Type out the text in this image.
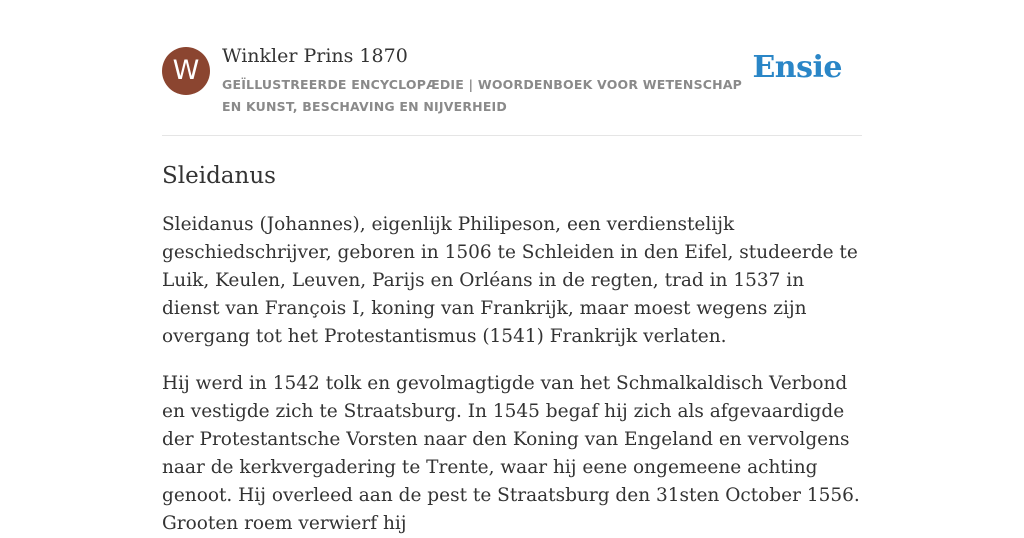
W	Winkler Prins 1870
GEÏLLUSTREERDE ENCYCLOPÆDIE | WOORDENBOEK VOOR WETENSCHAP EN KUNST, BESCHAVING EN NIJVERHEID
Ensie
Sleidanus

Sleidanus (Johannes), eigenlijk Philipeson, een verdienstelijk geschiedschrijver, geboren in 1506 te Schleiden in den Eifel, studeerde te Luik, Keulen, Leuven, Parijs en Orléans in de regten, trad in 1537 in dienst van François I, koning van Frankrijk, maar moest wegens zijn overgang tot het Protestantismus (1541) Frankrijk verlaten.

Hij werd in 1542 tolk en gevolmagtigde van het Schmalkaldisch Verbond en vestigde zich te Straatsburg. In 1545 begaf hij zich als afgevaardigde der Protestantsche Vorsten naar den Koning van Engeland en vervolgens naar de kerkvergadering te Trente, waar hij eene ongemeene achting genoot. Hij overleed aan de pest te Straatsburg den 31sten October 1556. Grooten roem verwierf hij
